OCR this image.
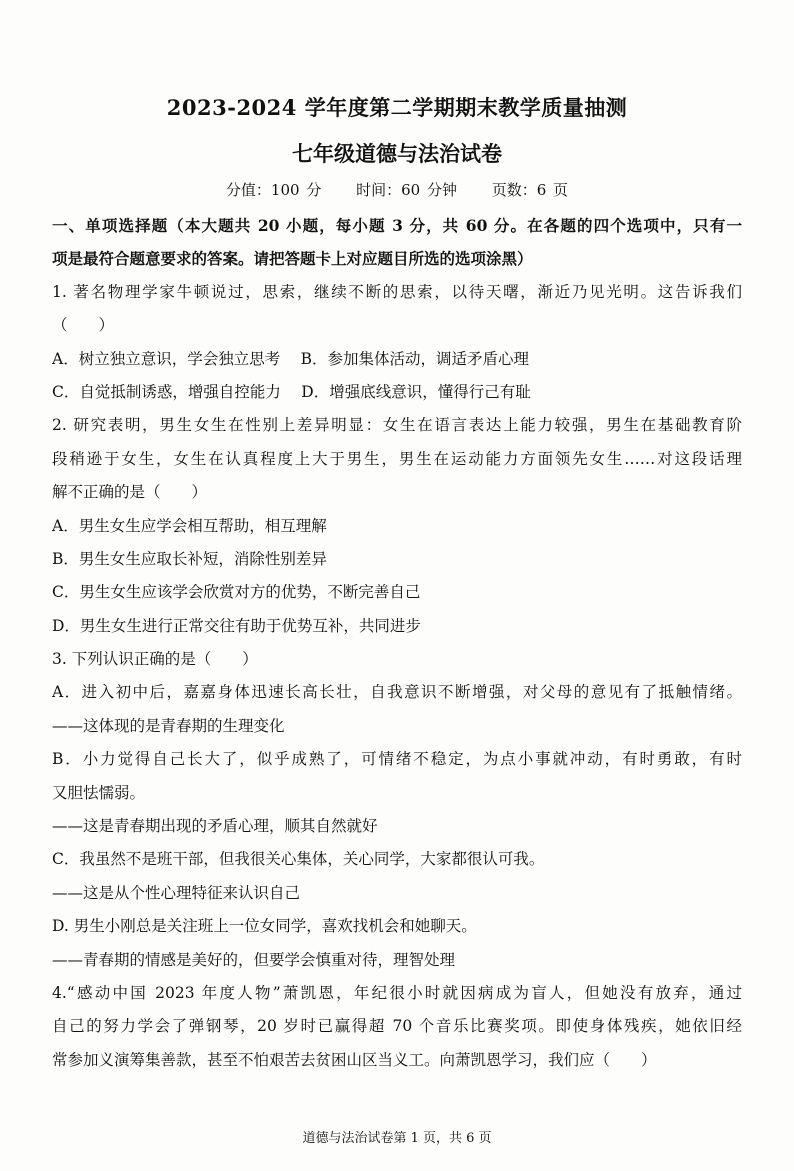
2023-2024 学年度第二学期期末教学质量抽测
七年级道德与法治试卷
分值：100 分 时间：60 分钟 页数：6 页
一、单项选择题（本大题共 20 小题，每小题 3 分，共 60 分。在各题的四个选项中，只有一
项是最符合题意要求的答案。请把答题卡上对应题目所选的选项涂黑）
1. 著名物理学家牛顿说过，思索，继续不断的思索，以待天曙，渐近乃见光明。这告诉我们
（　　）
A．树立独立意识，学会独立思考　 B．参加集体活动，调适矛盾心理
C．自觉抵制诱惑，增强自控能力　 D．增强底线意识，懂得行己有耻
2. 研究表明，男生女生在性别上差异明显：女生在语言表达上能力较强，男生在基础教育阶
段稍逊于女生，女生在认真程度上大于男生，男生在运动能力方面领先女生……对这段话理
解不正确的是（　　）
A．男生女生应学会相互帮助，相互理解
B．男生女生应取长补短，消除性别差异
C．男生女生应该学会欣赏对方的优势，不断完善自己
D．男生女生进行正常交往有助于优势互补，共同进步
3. 下列认识正确的是（　　）
A．进入初中后，嘉嘉身体迅速长高长壮，自我意识不断增强，对父母的意见有了抵触情绪。
——这体现的是青春期的生理变化
B．小力觉得自己长大了，似乎成熟了，可情绪不稳定，为点小事就冲动，有时勇敢，有时
又胆怯懦弱。
——这是青春期出现的矛盾心理，顺其自然就好
C．我虽然不是班干部，但我很关心集体，关心同学，大家都很认可我。
——这是从个性心理特征来认识自己
D. 男生小刚总是关注班上一位女同学，喜欢找机会和她聊天。
——青春期的情感是美好的，但要学会慎重对待，理智处理
4.“感动中国 2023 年度人物”萧凯恩，年纪很小时就因病成为盲人，但她没有放弃，通过
自己的努力学会了弹钢琴，20 岁时已赢得超 70 个音乐比赛奖项。即使身体残疾，她依旧经
常参加义演筹集善款，甚至不怕艰苦去贫困山区当义工。向萧凯恩学习，我们应（　　）
道德与法治试卷第 1 页，共 6 页
